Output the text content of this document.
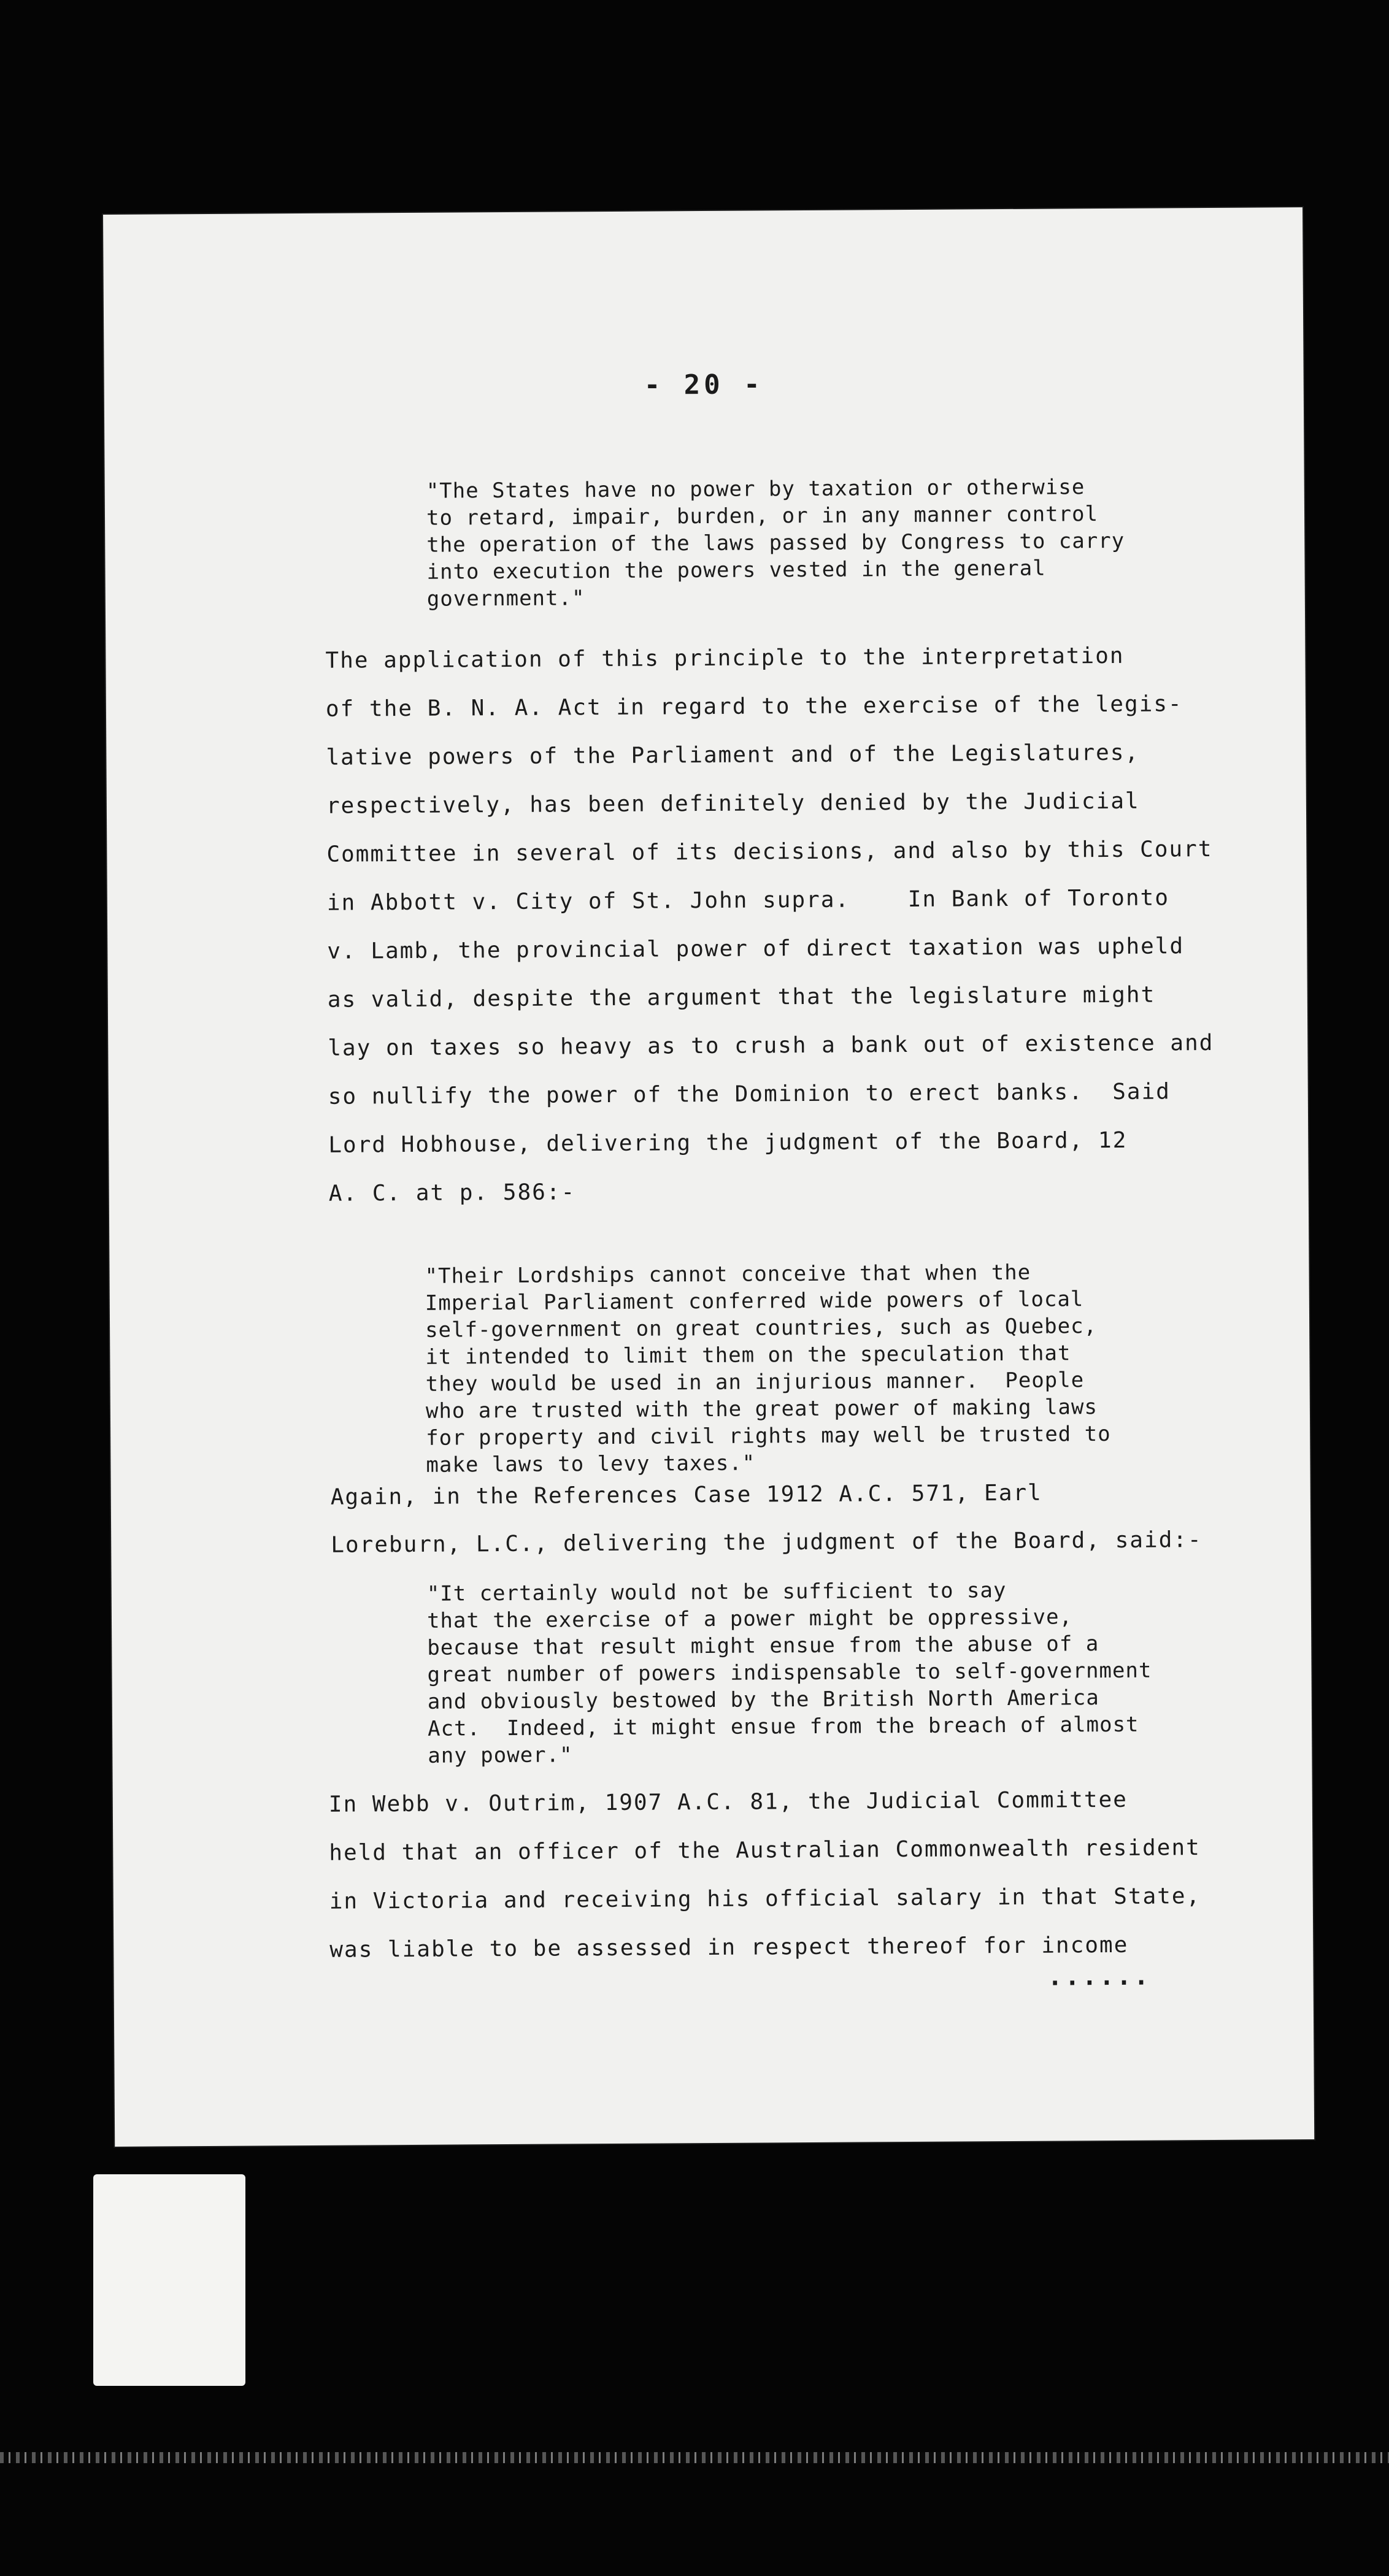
- 20 -
"The States have no power by taxation or otherwise
to retard, impair, burden, or in any manner control
the operation of the laws passed by Congress to carry
into execution the powers vested in the general
government."
The application of this principle to the interpretation
of the B. N. A. Act in regard to the exercise of the legis-
lative powers of the Parliament and of the Legislatures,
respectively, has been definitely denied by the Judicial
Committee in several of its decisions, and also by this Court
in Abbott v. City of St. John supra.    In Bank of Toronto
v. Lamb, the provincial power of direct taxation was upheld
as valid, despite the argument that the legislature might
lay on taxes so heavy as to crush a bank out of existence and
so nullify the power of the Dominion to erect banks.  Said
Lord Hobhouse, delivering the judgment of the Board, 12
A. C. at p. 586:-
"Their Lordships cannot conceive that when the
Imperial Parliament conferred wide powers of local
self-government on great countries, such as Quebec,
it intended to limit them on the speculation that
they would be used in an injurious manner.  People
who are trusted with the great power of making laws
for property and civil rights may well be trusted to
make laws to levy taxes."
Again, in the References Case 1912 A.C. 571, Earl
Loreburn, L.C., delivering the judgment of the Board, said:-
"It certainly would not be sufficient to say
that the exercise of a power might be oppressive,
because that result might ensue from the abuse of a
great number of powers indispensable to self-government
and obviously bestowed by the British North America
Act.  Indeed, it might ensue from the breach of almost
any power."
In Webb v. Outrim, 1907 A.C. 81, the Judicial Committee
held that an officer of the Australian Commonwealth resident
in Victoria and receiving his official salary in that State,
was liable to be assessed in respect thereof for income
......
